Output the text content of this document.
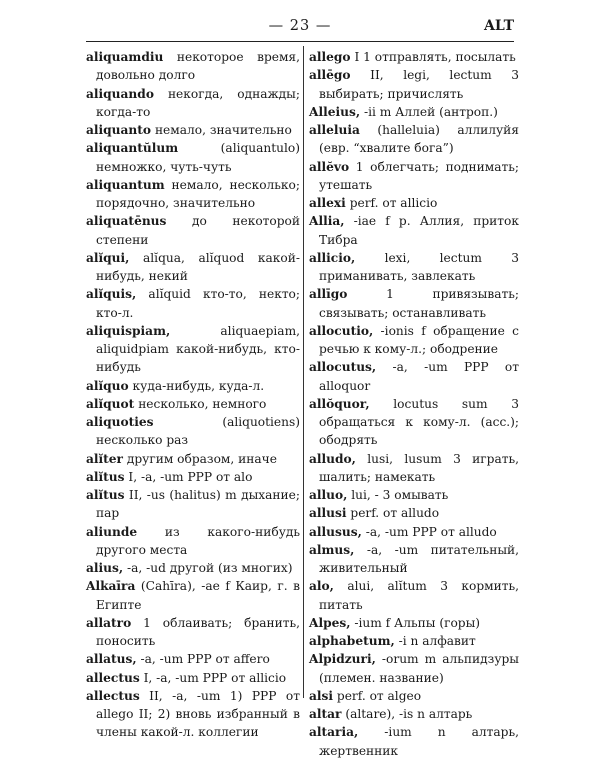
— 23 —	ALT
aliquamdiu некоторое время, довольно долго
aliquando некогда, однажды; когда-то
aliquanto немало, значительно
aliquantŭlum	(aliquantulo) немножко, чуть-чуть
aliquantum немало, несколько; порядочно, значительно
aliquatēnus до некоторой степени
alĭqui, alĭqua, alĭquod какой-нибудь, некий
alĭquis, alĭquid кто-то, некто; кто-л.
aliquispiam,	aliquaepiam, aliquidpiam какой-нибудь, кто-нибудь
alĭquo куда-нибудь, куда-л.
alĭquot несколько, немного
aliquoties	(aliquotiens) несколько раз
alĭter другим образом, иначе
alĭtus I, -a, -um PPP от alo
alĭtus II, -us (halitus) m дыхание; пар
aliunde из какого-нибудь другого места
alius, -a, -ud другой (из многих)
Alkaīra (Cahīra), -ae f Каир, г. в Египте
allatro 1 облаивать; бранить, поносить
allatus, -a, -um PPP от affero
allectus I, -a, -um PPP от allicio
allectus II, -a, -um 1) PPP от allego II; 2) вновь избранный в члены какой-л. коллегии
allego I 1 отправлять, посылать
allēgo II, legi, lectum 3 выбирать; причислять
Alleius, -ii m Аллей (антроп.)
alleluia (halleluia) аллилуйя (евр. “хвалите бога”)
allĕvo 1 облегчать; поднимать; утешать
allexi perf. от allicio
Allia, -iae f р. Аллия, приток Тибра
allicio, lexi, lectum 3 приманивать, завлекать
allīgo	1 привязывать; связывать; останавливать
allocutio, -ionis f обращение с речью к кому-л.; ободрение
allocutus, -a, -um PPP от alloquor
allŏquor, locutus sum 3 обращаться к кому-л. (acc.); ободрять
alludo, lusi, lusum 3 играть, шалить; намекать
alluo, lui, - 3 омывать
allusi perf. от alludo
allusus, -a, -um PPP от alludo
almus, -a, -um питательный, живительный
alo, alui, alĭtum 3 кормить, питать
Alpes, -ium f Альпы (горы)
alphabetum, -i n алфавит
Alpidzuri, -orum m альпидзуры (племен. название)
alsi perf. от algeo
altar (altare), -is n алтарь
altaria, -ium n алтарь, жертвенник
